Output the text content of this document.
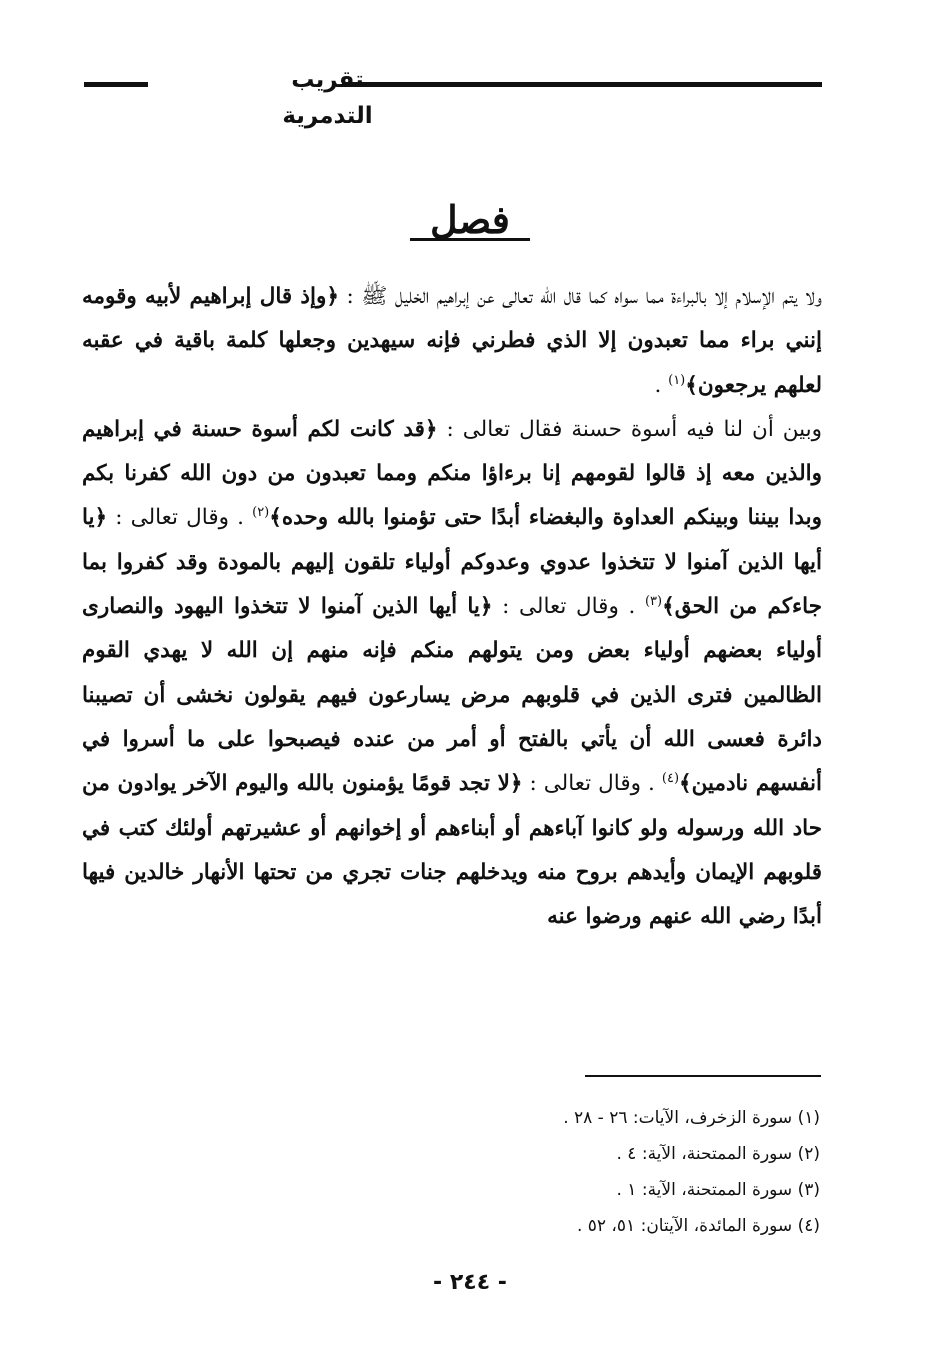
تقريب التدمرية
فصل

ولا يتم الإسلام إلا بالبراءة مما سواه كما قال الله تعالى عن إبراهيم الخليل ﷺ : ﴿وإذ قال إبراهيم لأبيه وقومه إنني براء مما تعبدون إلا الذي فطرني فإنه سيهدين وجعلها كلمة باقية في عقبه لعلهم يرجعون﴾$^{(١)}$ .

وبين أن لنا فيه أسوة حسنة فقال تعالى : ﴿قد كانت لكم أسوة حسنة في إبراهيم والذين معه إذ قالوا لقومهم إنا برءاؤا منكم ومما تعبدون من دون الله كفرنا بكم وبدا بيننا وبينكم العداوة والبغضاء أبدًا حتى تؤمنوا بالله وحده﴾$^{(٢)}$ . وقال تعالى : ﴿يا أيها الذين آمنوا لا تتخذوا عدوي وعدوكم أولياء تلقون إليهم بالمودة وقد كفروا بما جاءكم من الحق﴾$^{(٣)}$ . وقال تعالى : ﴿يا أيها الذين آمنوا لا تتخذوا اليهود والنصارى أولياء بعضهم أولياء بعض ومن يتولهم منكم فإنه منهم إن الله لا يهدي القوم الظالمين فترى الذين في قلوبهم مرض يسارعون فيهم يقولون نخشى أن تصيبنا دائرة فعسى الله أن يأتي بالفتح أو أمر من عنده فيصبحوا على ما أسروا في أنفسهم نادمين﴾$^{(٤)}$ . وقال تعالى : ﴿لا تجد قومًا يؤمنون بالله واليوم الآخر يوادون من حاد الله ورسوله ولو كانوا آباءهم أو أبناءهم أو إخوانهم أو عشيرتهم أولئك كتب في قلوبهم الإيمان وأيدهم بروح منه ويدخلهم جنات تجري من تحتها الأنهار خالدين فيها أبدًا رضي الله عنهم ورضوا عنه

(١) سورة الزخرف، الآيات: ٢٦ - ٢٨ .
(٢) سورة الممتحنة، الآية: ٤ .
(٣) سورة الممتحنة، الآية: ١ .
(٤) سورة المائدة، الآيتان: ٥١، ٥٢ .
- ٢٤٤ -
